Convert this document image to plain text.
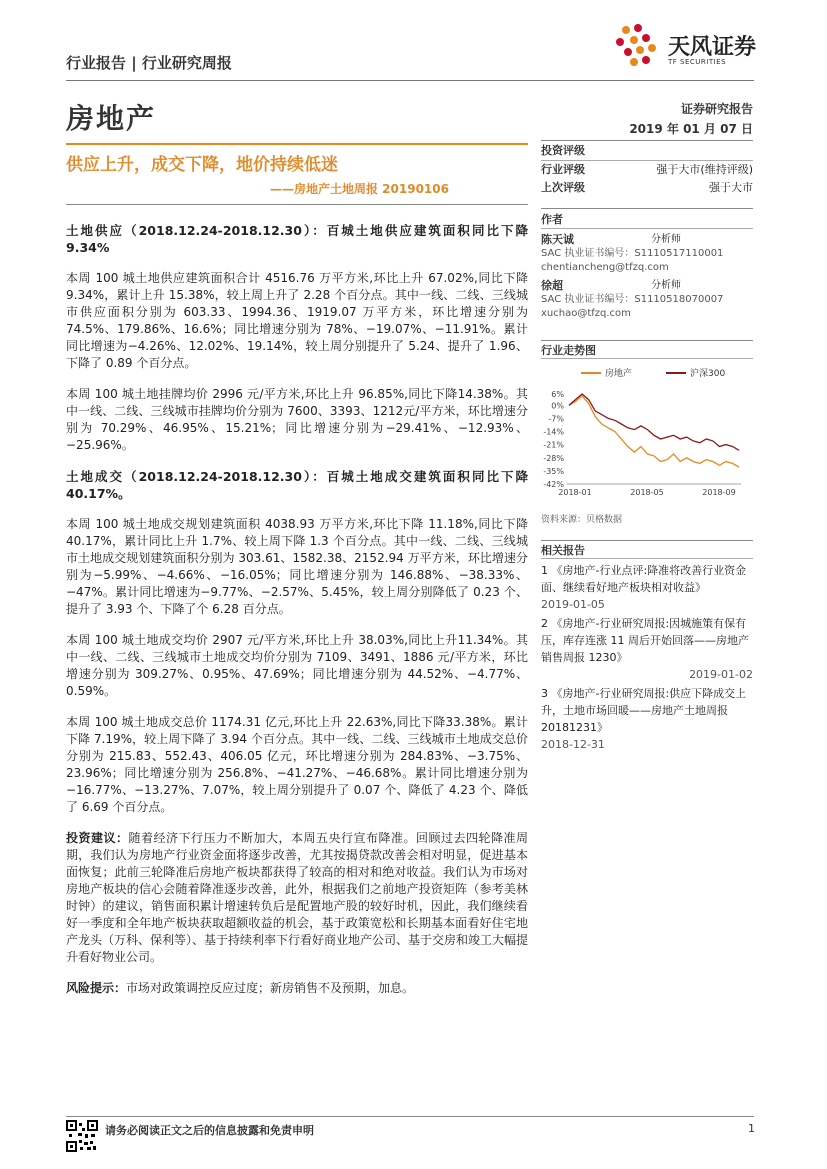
天风证券
TF SECURITIES
行业报告 | 行业研究周报
房地产	证券研究报告
2019 年 01 月 07 日
供应上升，成交下降，地价持续低迷
——房地产土地周报 20190106
投资评级
行业评级	强于大市(维持评级)
上次评级	强于大市
作者
陈天诚	分析师
SAC 执业证书编号：S1110517110001
chentiancheng@tfzq.com
徐超	分析师
SAC 执业证书编号：S1110518070007
xuchao@tfzq.com
行业走势图
房地产	沪深300
6%
0%
-7%
-14%
-21%
-28%
-35%
-42%
2018-01	2018-05	2018-09
资料来源：贝格数据
相关报告
1 《房地产-行业点评:降准将改善行业资金面、继续看好地产板块相对收益》
2019-01-05
2 《房地产-行业研究周报:因城施策有保有压，库存连涨 11 周后开始回落——房地产销售周报 1230》
2019-01-02
3 《房地产-行业研究周报:供应下降成交上升，土地市场回暖——房地产土地周报 20181231》
2018-12-31

土地供应（2018.12.24-2018.12.30）：百城土地供应建筑面积同比下降9.34%

本周 100 城土地供应建筑面积合计 4516.76 万平方米,环比上升 67.02%,同比下降 9.34%，累计上升 15.38%，较上周上升了 2.28 个百分点。其中一线、二线、三线城市供应面积分别为 603.33、1994.36、1919.07 万平方米，环比增速分别为 74.5%、179.86%、16.6%；同比增速分别为 78%、−19.07%、−11.91%。累计同比增速为−4.26%、12.02%、19.14%，较上周分别提升了 5.24、提升了 1.96、下降了 0.89 个百分点。

本周 100 城土地挂牌均价 2996 元/平方米,环比上升 96.85%,同比下降14.38%。其中一线、二线、三线城市挂牌均价分别为 7600、3393、1212元/平方米，环比增速分别为 70.29%、46.95%、15.21%；同比增速分别为−29.41%、−12.93%、−25.96%。

土地成交（2018.12.24-2018.12.30）：百城土地成交建筑面积同比下降40.17%。

本周 100 城土地成交规划建筑面积 4038.93 万平方米,环比下降 11.18%,同比下降 40.17%，累计同比上升 1.7%、较上周下降 1.3 个百分点。其中一线、二线、三线城市土地成交规划建筑面积分别为 303.61、1582.38、2152.94 万平方米，环比增速分别为−5.99%、−4.66%、−16.05%；同比增速分别为 146.88%、−38.33%、−47%。累计同比增速为−9.77%、−2.57%、5.45%，较上周分别降低了 0.23 个、提升了 3.93 个、下降了个 6.28 百分点。

本周 100 城土地成交均价 2907 元/平方米,环比上升 38.03%,同比上升11.34%。其中一线、二线、三线城市土地成交均价分别为 7109、3491、1886 元/平方米，环比增速分别为 309.27%、0.95%、47.69%；同比增速分别为 44.52%、−4.77%、0.59%。

本周 100 城土地成交总价 1174.31 亿元,环比上升 22.63%,同比下降33.38%。累计下降 7.19%，较上周下降了 3.94 个百分点。其中一线、二线、三线城市土地成交总价分别为 215.83、552.43、406.05 亿元，环比增速分别为 284.83%、−3.75%、23.96%；同比增速分别为 256.8%、−41.27%、−46.68%。累计同比增速分别为−16.77%、−13.27%、7.07%，较上周分别提升了 0.07 个、降低了 4.23 个、降低了 6.69 个百分点。

投资建议：随着经济下行压力不断加大，本周五央行宣布降准。回顾过去四轮降准周期，我们认为房地产行业资金面将逐步改善，尤其按揭贷款改善会相对明显，促进基本面恢复；此前三轮降准后房地产板块都获得了较高的相对和绝对收益。我们认为市场对房地产板块的信心会随着降准逐步改善，此外，根据我们之前地产投资矩阵（参考美林时钟）的建议，销售面积累计增速转负后是配置地产股的较好时机，因此，我们继续看好一季度和全年地产板块获取超额收益的机会，基于政策宽松和长期基本面看好住宅地产龙头（万科、保利等）、基于持续利率下行看好商业地产公司、基于交房和竣工大幅提升看好物业公司。

风险提示：市场对政策调控反应过度；新房销售不及预期，加息。

请务必阅读正文之后的信息披露和免责申明	1
